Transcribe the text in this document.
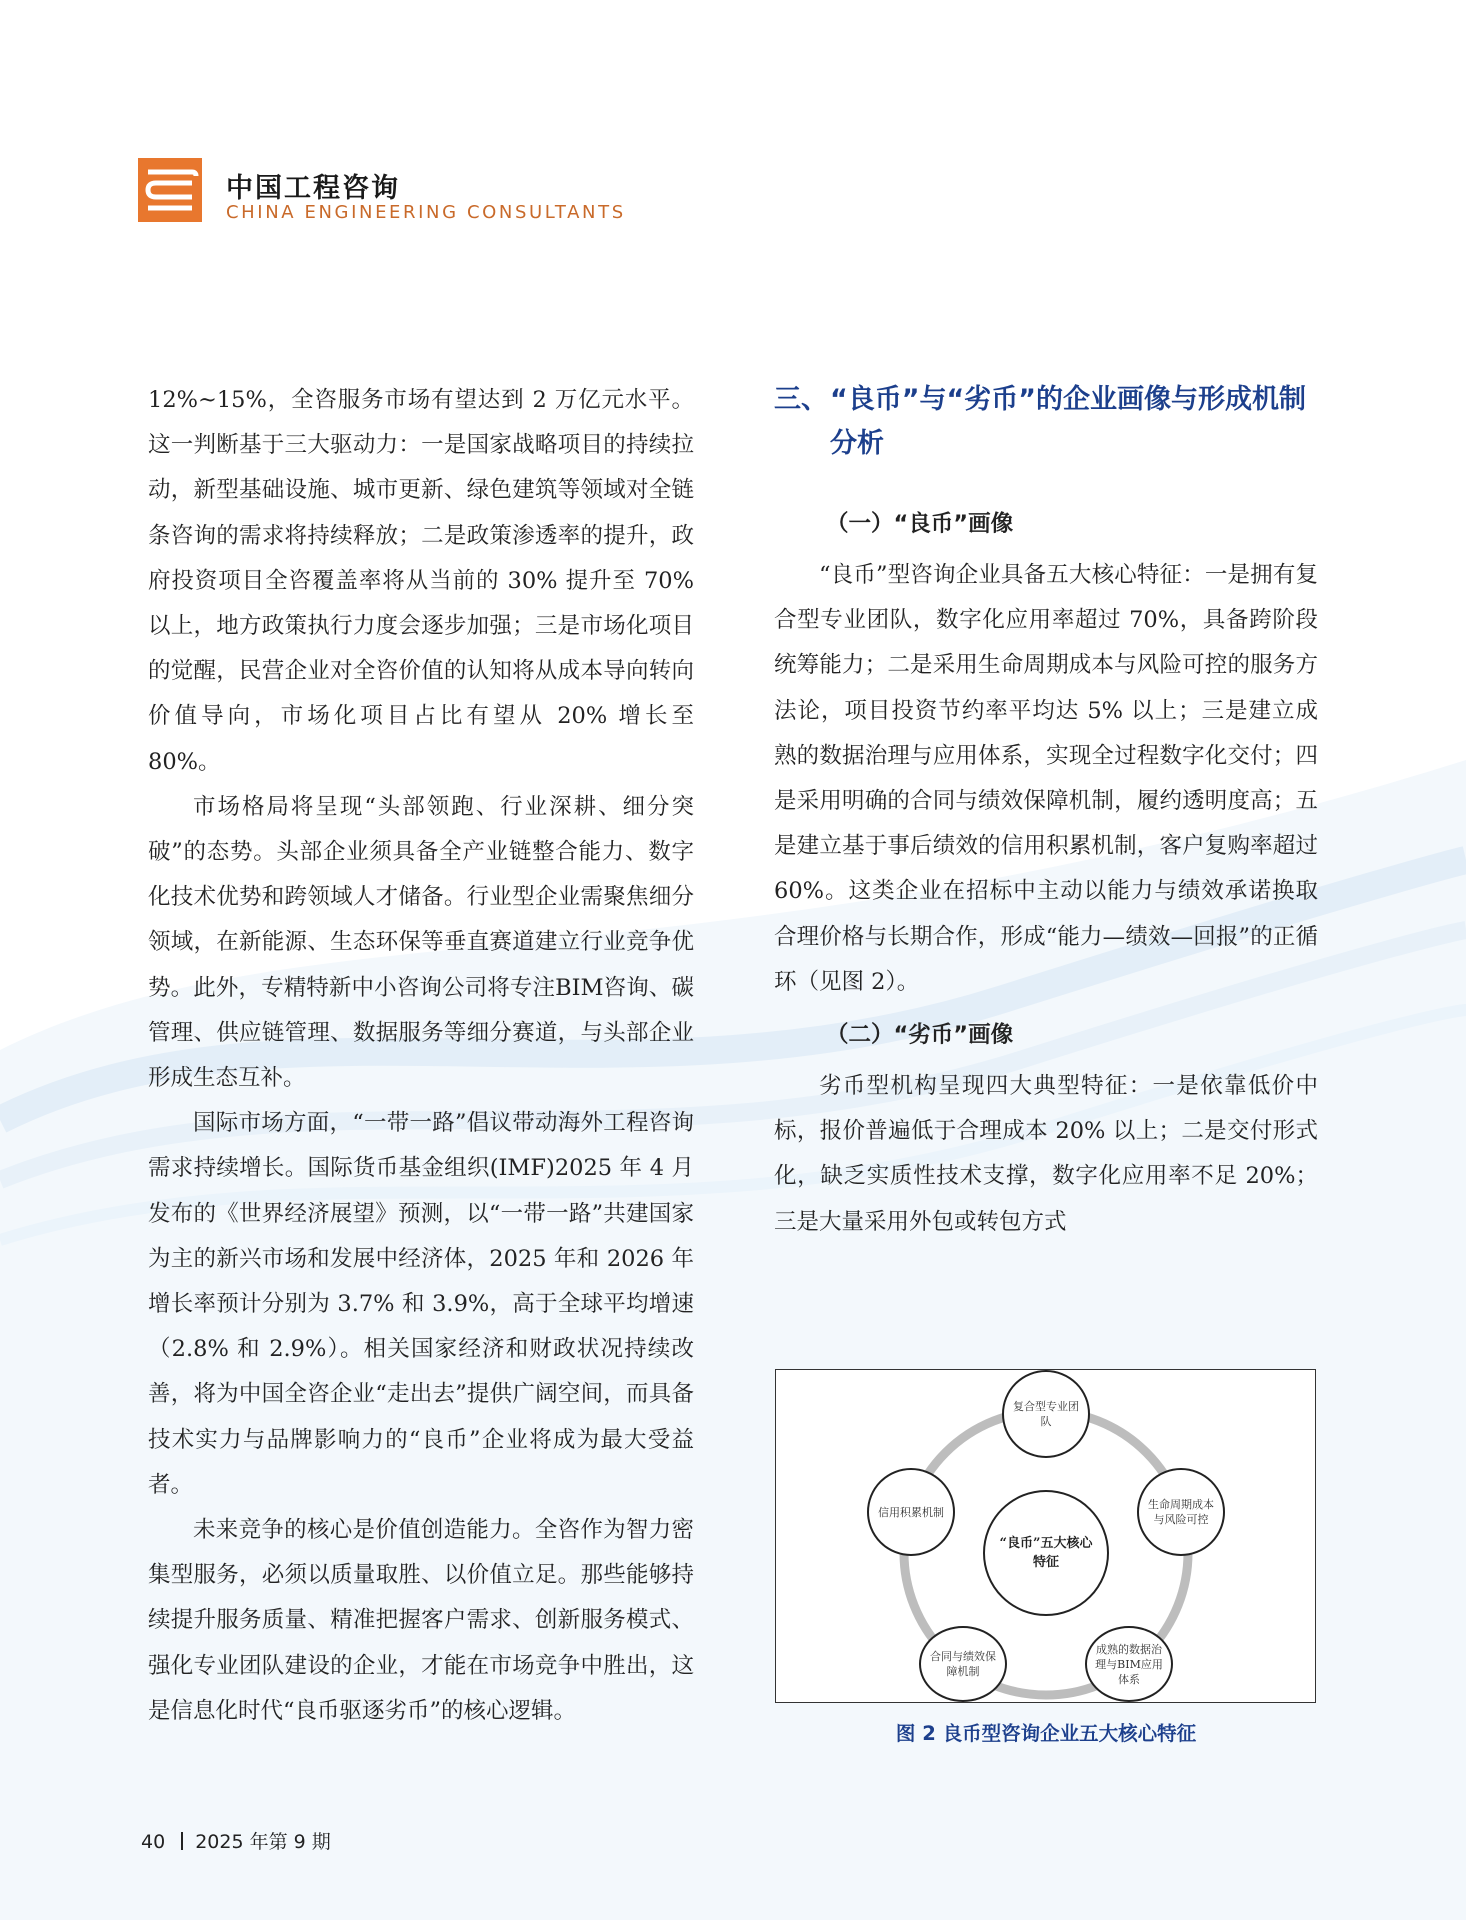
中国工程咨询
CHINA ENGINEERING CONSULTANTS

12%~15%，全咨服务市场有望达到 2 万亿元水平。这一判断基于三大驱动力：一是国家战略项目的持续拉动，新型基础设施、城市更新、绿色建筑等领域对全链条咨询的需求将持续释放；二是政策渗透率的提升，政府投资项目全咨覆盖率将从当前的 30% 提升至 70% 以上，地方政策执行力度会逐步加强；三是市场化项目的觉醒，民营企业对全咨价值的认知将从成本导向转向价值导向，市场化项目占比有望从 20% 增长至 80%。

市场格局将呈现“头部领跑、行业深耕、细分突破”的态势。头部企业须具备全产业链整合能力、数字化技术优势和跨领域人才储备。行业型企业需聚焦细分领域，在新能源、生态环保等垂直赛道建立行业竞争优势。此外，专精特新中小咨询公司将专注BIM咨询、碳管理、供应链管理、数据服务等细分赛道，与头部企业形成生态互补。

国际市场方面，“一带一路”倡议带动海外工程咨询需求持续增长。国际货币基金组织(IMF)2025 年 4 月发布的《世界经济展望》预测，以“一带一路”共建国家为主的新兴市场和发展中经济体，2025 年和 2026 年增长率预计分别为 3.7% 和 3.9%，高于全球平均增速（2.8% 和 2.9%）。相关国家经济和财政状况持续改善，将为中国全咨企业“走出去”提供广阔空间，而具备技术实力与品牌影响力的“良币”企业将成为最大受益者。

未来竞争的核心是价值创造能力。全咨作为智力密集型服务，必须以质量取胜、以价值立足。那些能够持续提升服务质量、精准把握客户需求、创新服务模式、强化专业团队建设的企业，才能在市场竞争中胜出，这是信息化时代“良币驱逐劣币”的核心逻辑。

三、 “良币”与“劣币”的企业画像与形成机制分析
（一）“良币”画像

“良币”型咨询企业具备五大核心特征：一是拥有复合型专业团队，数字化应用率超过 70%，具备跨阶段统筹能力；二是采用生命周期成本与风险可控的服务方法论，项目投资节约率平均达 5% 以上；三是建立成熟的数据治理与应用体系，实现全过程数字化交付；四是采用明确的合同与绩效保障机制，履约透明度高；五是建立基于事后绩效的信用积累机制，客户复购率超过 60%。这类企业在招标中主动以能力与绩效承诺换取合理价格与长期合作，形成“能力—绩效—回报”的正循环（见图 2）。

（二）“劣币”画像

劣币型机构呈现四大典型特征：一是依靠低价中标，报价普遍低于合理成本 20% 以上；二是交付形式化，缺乏实质性技术支撑，数字化应用率不足 20%；三是大量采用外包或转包方式

“良币”五大核心特征
复合型专业团队
生命周期成本与风险可控
成熟的数据治理与BIM应用体系
合同与绩效保障机制
信用积累机制
图 2 良币型咨询企业五大核心特征
40 2025 年第 9 期
